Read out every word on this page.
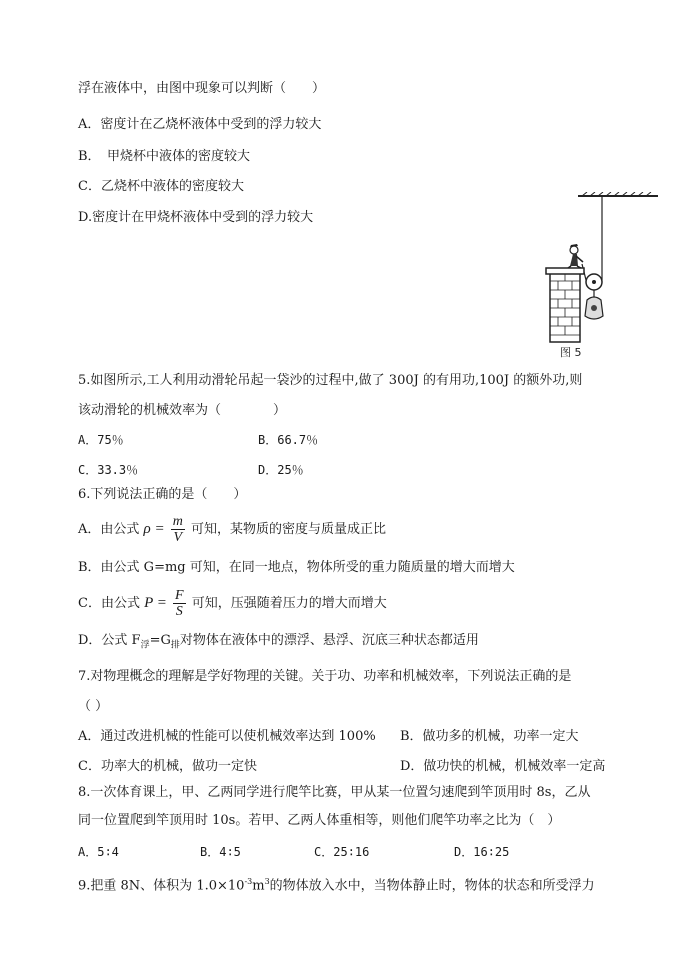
浮在液体中，由图中现象可以判断（　　）
A．密度计在乙烧杯液体中受到的浮力较大
B．　甲烧杯中液体的密度较大
C．乙烧杯中液体的密度较大
D.密度计在甲烧杯液体中受到的浮力较大
图 5
5.如图所示,工人利用动滑轮吊起一袋沙的过程中,做了 300J 的有用功,100J 的额外功,则
该动滑轮的机械效率为（　　　　）
A．75％	B．66.7％
C．33.3％	D．25％
6.下列说法正确的是（　　）
A．由公式 $\rho = \frac{m}{V}$ 可知，某物质的密度与质量成正比
B．由公式 G=mg 可知，在同一地点，物体所受的重力随质量的增大而增大
C．由公式 $P = \frac{F}{S}$ 可知，压强随着压力的增大而增大
D．公式 $F_浮=G_排$对物体在液体中的漂浮、悬浮、沉底三种状态都适用
7.对物理概念的理解是学好物理的关键。关于功、功率和机械效率，下列说法正确的是
（ ）
A．通过改进机械的性能可以使机械效率达到 100% B．做功多的机械，功率一定大
C．功率大的机械，做功一定快	D．做功快的机械，机械效率一定高
8.一次体育课上，甲、乙两同学进行爬竿比赛，甲从某一位置匀速爬到竿顶用时 8s，乙从
同一位置爬到竿顶用时 10s。若甲、乙两人体重相等，则他们爬竿功率之比为（　）
A．5∶4	B．4∶5	C．25∶16	D．16∶25
9.把重 8N、体积为 $1.0\times 10^{-3}m^3$的物体放入水中，当物体静止时，物体的状态和所受浮力
